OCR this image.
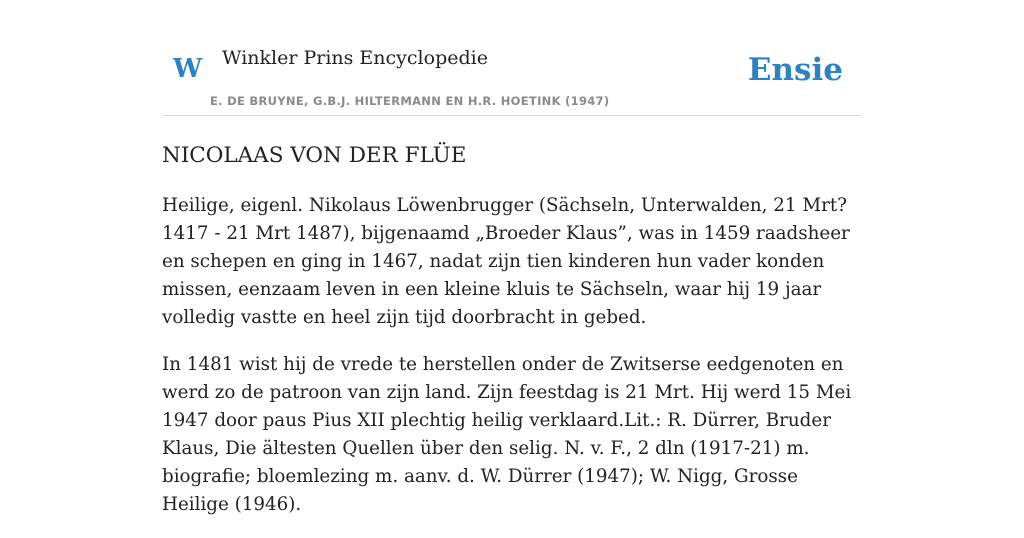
W Winkler Prins Encyclopedie
E. DE BRUYNE, G.B.J. HILTERMANN EN H.R. HOETINK (1947)
Ensie
NICOLAAS VON DER FLÜE

Heilige, eigenl. Nikolaus Löwenbrugger (Sächseln, Unterwalden, 21 Mrt? 1417 - 21 Mrt 1487), bijgenaamd „Broeder Klaus”, was in 1459 raadsheer en schepen en ging in 1467, nadat zijn tien kinderen hun vader konden missen, eenzaam leven in een kleine kluis te Sächseln, waar hij 19 jaar volledig vastte en heel zijn tijd doorbracht in gebed.

In 1481 wist hij de vrede te herstellen onder de Zwitserse eedgenoten en werd zo de patroon van zijn land. Zijn feestdag is 21 Mrt. Hij werd 15 Mei 1947 door paus Pius XII plechtig heilig verklaard.Lit.: R. Dürrer, Bruder Klaus, Die ältesten Quellen über den selig. N. v. F., 2 dln (1917-21) m. biografie; bloemlezing m. aanv. d. W. Dürrer (1947); W. Nigg, Grosse Heilige (1946).
